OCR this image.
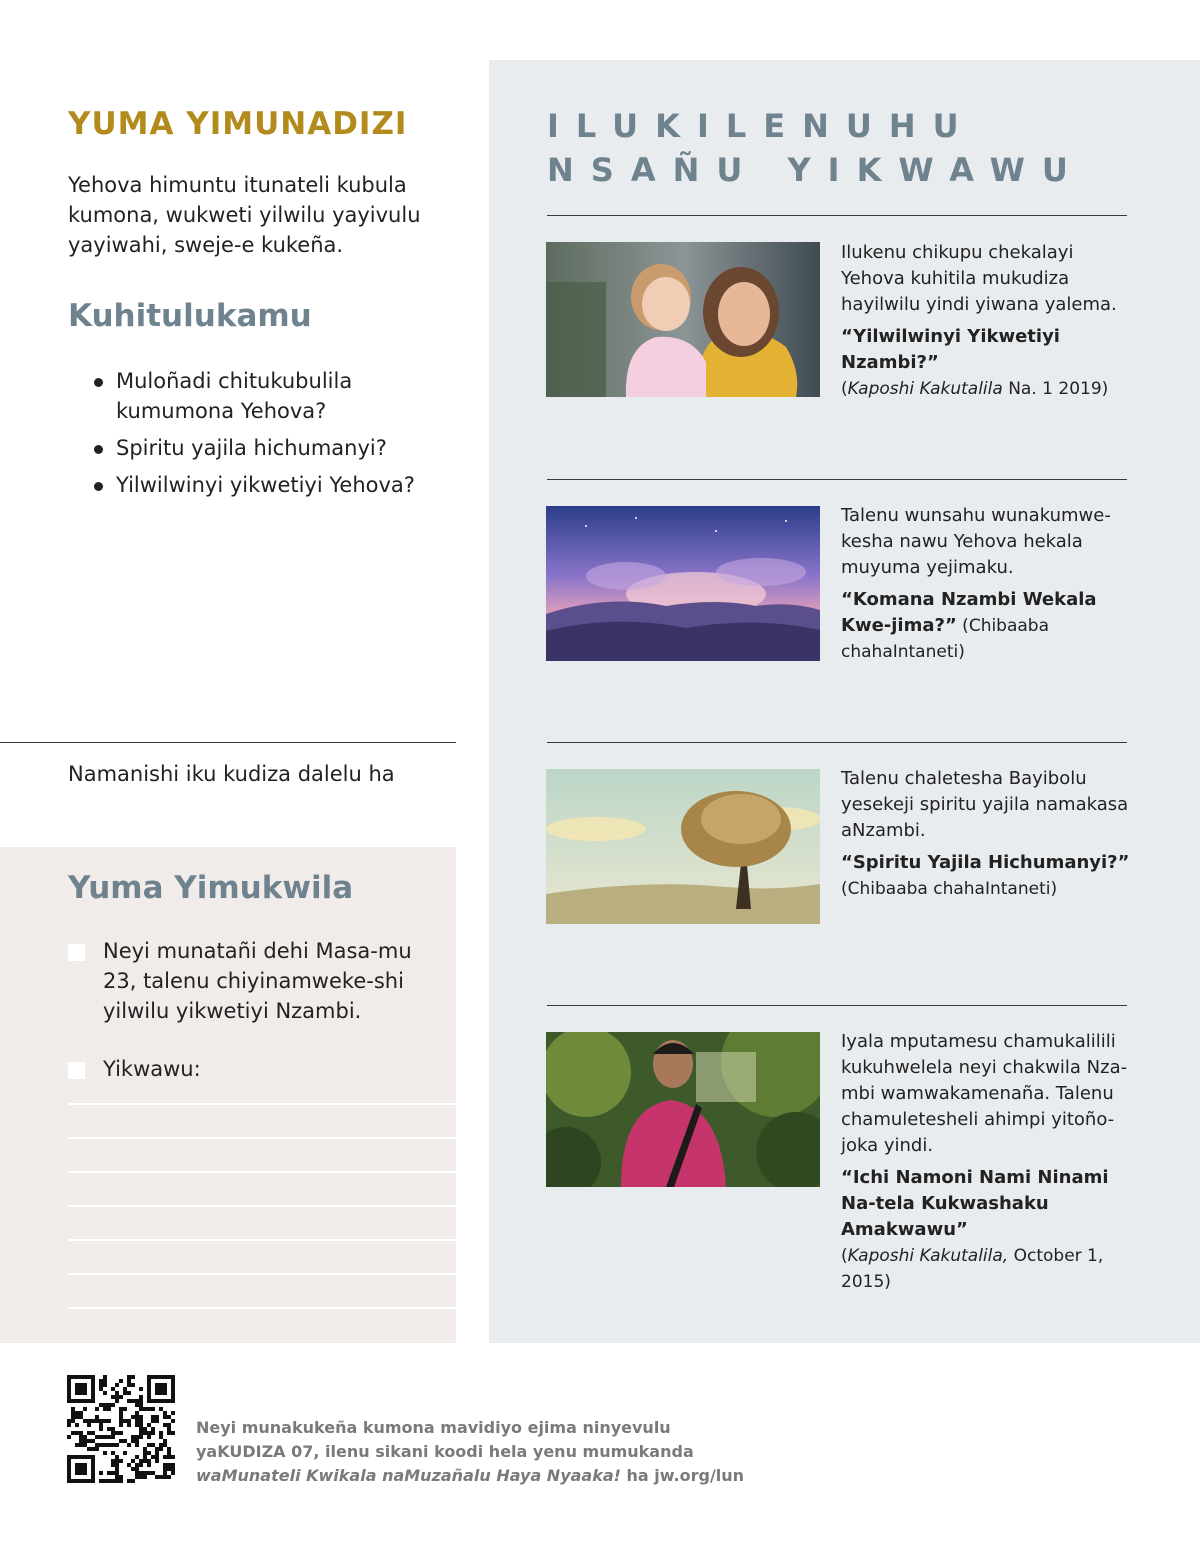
YUMA YIMUNADIZI
Yehova himuntu itunateli kubula kumona, wukweti yilwilu yayivulu yayiwahi, sweje-e kukeña.
Kuhitulukamu
Muloñadi chitukubulila kumumona Yehova?
Spiritu yajila hichumanyi?
Yilwilwinyi yikwetiyi Yehova?
Namanishi iku kudiza dalelu ha
Yuma Yimukwila
Neyi munatañi dehi Masa-mu 23, talenu chiyinamweke-shi yilwilu yikwetiyi Nzambi.
Yikwawu:
ILUKILENUHU NSAÑU YIKWAWU
Ilukenu chikupu chekalayi Yehova kuhitila mukudiza hayilwilu yindi yiwana yalema.
“Yilwilwinyi Yikwetiyi Nzambi?”
(Kaposhi Kakutalila Na. 1 2019)
Talenu wunsahu wunakumwe-kesha nawu Yehova hekala muyuma yejimaku.
“Komana Nzambi Wekala Kwe-jima?” (Chibaaba chahaIntaneti)
Talenu chaletesha Bayibolu yesekeji spiritu yajila namakasa aNzambi.
“Spiritu Yajila Hichumanyi?”
(Chibaaba chahaIntaneti)
Iyala mputamesu chamukalilili kukuhwelela neyi chakwila Nza-mbi wamwakamenaña. Talenu chamuletesheli ahimpi yitoño-joka yindi.
“Ichi Namoni Nami Ninami Na-tela Kukwashaku Amakwawu”
(Kaposhi Kakutalila, October 1, 2015)
Neyi munakukeña kumona mavidiyo ejima ninyevulu yaKUDIZA 07, ilenu sikani koodi hela yenu mumukanda waMunateli Kwikala naMuzañalu Haya Nyaaka! ha jw.org/lun
